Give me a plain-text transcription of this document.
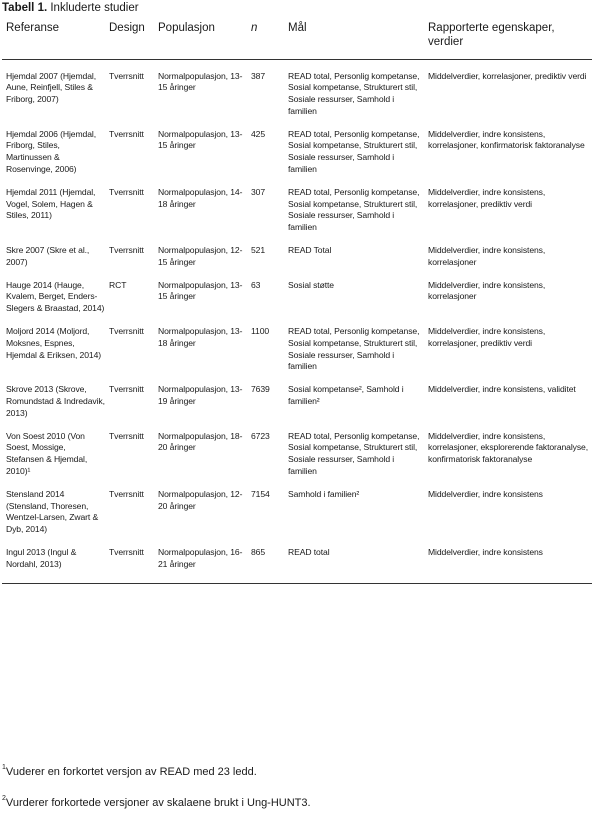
Tabell 1. Inkluderte studier
Referanse	Design	Populasjon	n	Mål	Rapporterte egenskaper, verdier
Hjemdal 2007 (Hjemdal, Aune, Reinfjell, Stiles & Friborg, 2007)	Tverrsnitt	Normalpopulasjon, 13-15 åringer	387	READ total, Personlig kompetanse, Sosial kompetanse, Strukturert stil, Sosiale ressurser, Samhold i familien	Middelverdier, korrelasjoner, prediktiv verdi
Hjemdal 2006 (Hjemdal, Friborg, Stiles, Martinussen & Rosenvinge, 2006)	Tverrsnitt	Normalpopulasjon, 13-15 åringer	425	READ total, Personlig kompetanse, Sosial kompetanse, Strukturert stil, Sosiale ressurser, Samhold i familien	Middelverdier, indre konsistens, korrelasjoner, konfirmatorisk faktoranalyse
Hjemdal 2011 (Hjemdal, Vogel, Solem, Hagen & Stiles, 2011)	Tverrsnitt	Normalpopulasjon, 14-18 åringer	307	READ total, Personlig kompetanse, Sosial kompetanse, Strukturert stil, Sosiale ressurser, Samhold i familien	Middelverdier, indre konsistens, korrelasjoner, prediktiv verdi
Skre 2007 (Skre et al., 2007)	Tverrsnitt	Normalpopulasjon, 12-15 åringer	521	READ Total	Middelverdier, indre konsistens, korrelasjoner
Hauge 2014 (Hauge, Kvalem, Berget, Enders-Slegers & Braastad, 2014)	RCT	Normalpopulasjon, 13-15 åringer	63	Sosial støtte	Middelverdier, indre konsistens, korrelasjoner
Moljord 2014 (Moljord, Moksnes, Espnes, Hjemdal & Eriksen, 2014)	Tverrsnitt	Normalpopulasjon, 13-18 åringer	1100	READ total, Personlig kompetanse, Sosial kompetanse, Strukturert stil, Sosiale ressurser, Samhold i familien	Middelverdier, indre konsistens, korrelasjoner, prediktiv verdi
Skrove 2013 (Skrove, Romundstad & Indredavik, 2013)	Tverrsnitt	Normalpopulasjon, 13-19 åringer	7639	Sosial kompetanse², Samhold i familien²	Middelverdier, indre konsistens, validitet
Von Soest 2010 (Von Soest, Mossige, Stefansen & Hjemdal, 2010)¹	Tverrsnitt	Normalpopulasjon, 18-20 åringer	6723	READ total, Personlig kompetanse, Sosial kompetanse, Strukturert stil, Sosiale ressurser, Samhold i familien	Middelverdier, indre konsistens, korrelasjoner, eksplorerende faktoranalyse, konfirmatorisk faktoranalyse
Stensland 2014 (Stensland, Thoresen, Wentzel-Larsen, Zwart & Dyb, 2014)	Tverrsnitt	Normalpopulasjon, 12-20 åringer	7154	Samhold i familien²	Middelverdier, indre konsistens
Ingul 2013 (Ingul & Nordahl, 2013)	Tverrsnitt	Normalpopulasjon, 16-21 åringer	865	READ total	Middelverdier, indre konsistens
$^1$Vuderer en forkortet versjon av READ med 23 ledd.
$^2$Vurderer forkortede versjoner av skalaene brukt i Ung-HUNT3.
